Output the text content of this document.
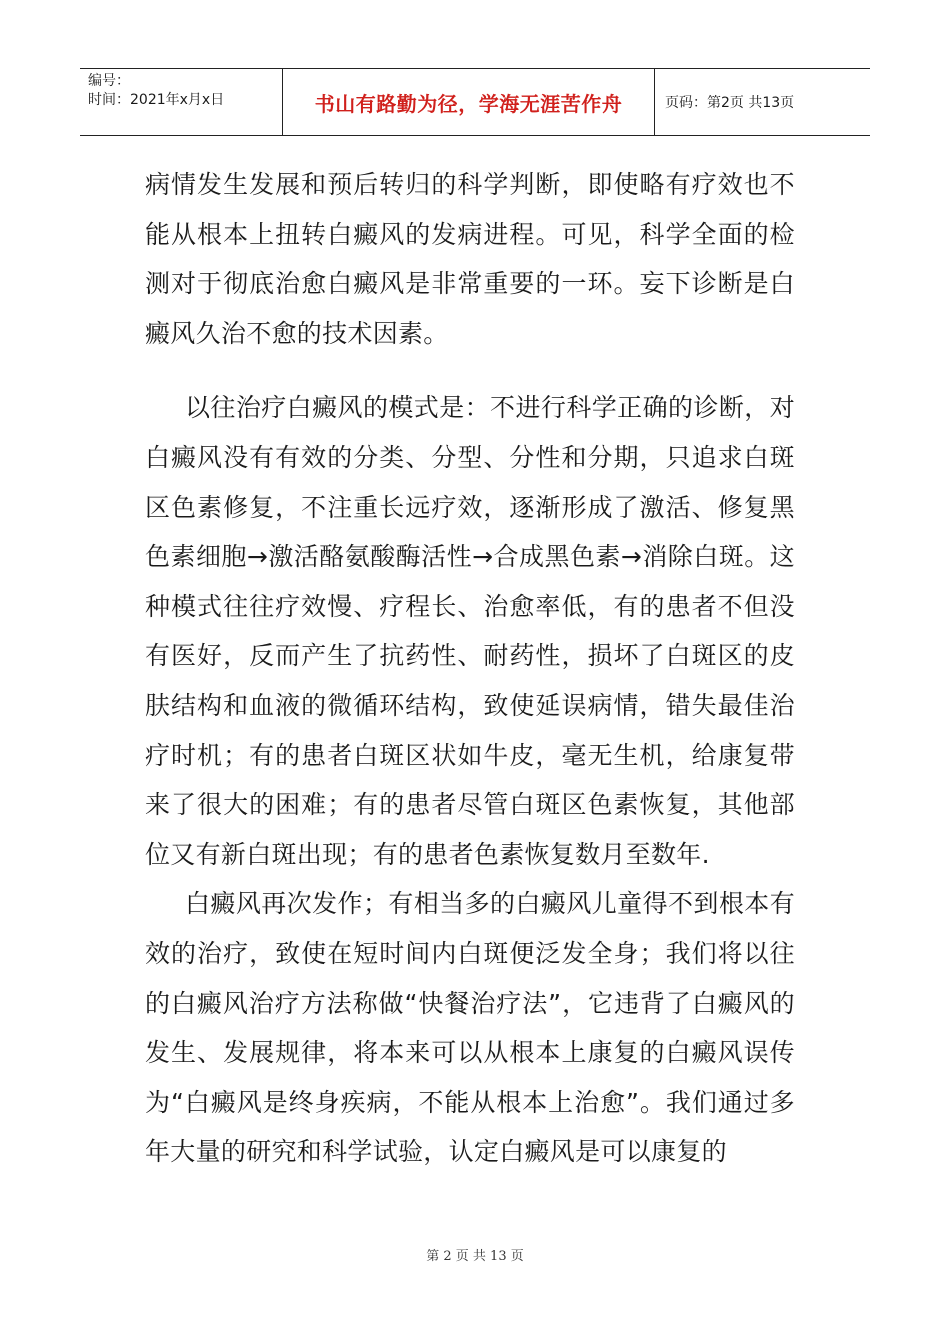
编号：
时间：2021年x月x日	书山有路勤为径，学海无涯苦作舟	页码：第2页 共13页

病情发生发展和预后转归的科学判断，即使略有疗效也不能从根本上扭转白癜风的发病进程。可见，科学全面的检测对于彻底治愈白癜风是非常重要的一环。妄下诊断是白癜风久治不愈的技术因素。

以往治疗白癜风的模式是：不进行科学正确的诊断，对白癜风没有有效的分类、分型、分性和分期，只追求白斑区色素修复，不注重长远疗效，逐渐形成了激活、修复黑色素细胞→激活酪氨酸酶活性→合成黑色素→消除白斑。这种模式往往疗效慢、疗程长、治愈率低，有的患者不但没有医好，反而产生了抗药性、耐药性，损坏了白斑区的皮肤结构和血液的微循环结构，致使延误病情，错失最佳治疗时机；有的患者白斑区状如牛皮，毫无生机，给康复带来了很大的困难；有的患者尽管白斑区色素恢复，其他部位又有新白斑出现；有的患者色素恢复数月至数年.

白癜风再次发作；有相当多的白癜风儿童得不到根本有效的治疗，致使在短时间内白斑便泛发全身；我们将以往的白癜风治疗方法称做“快餐治疗法”，它违背了白癜风的发生、发展规律，将本来可以从根本上康复的白癜风误传为“白癜风是终身疾病，不能从根本上治愈”。我们通过多年大量的研究和科学试验，认定白癜风是可以康复的

第 2 页 共 13 页
